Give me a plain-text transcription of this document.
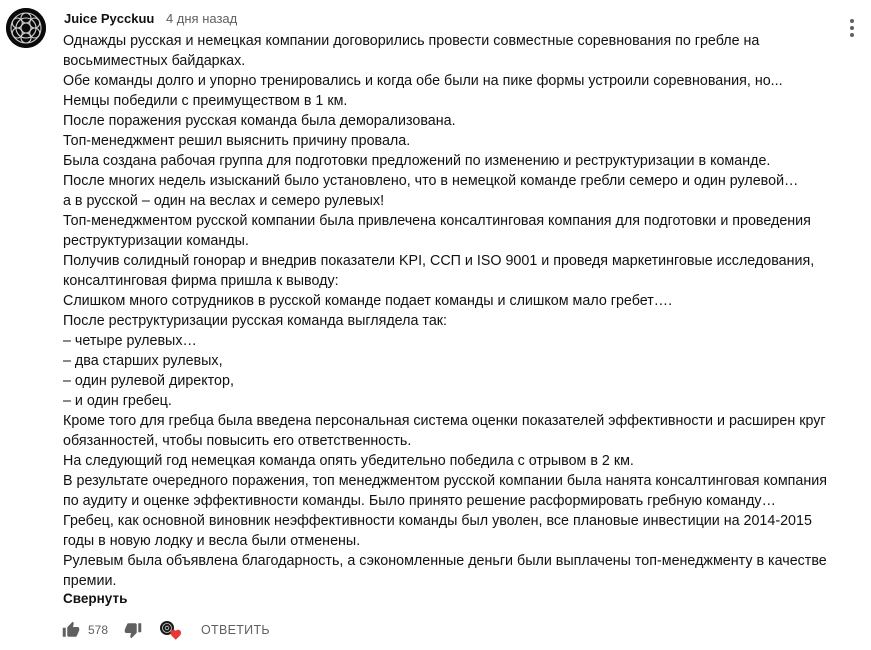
Juice Pycckuu 4 дня назад
Однажды русская и немецкая компании договорились провести совместные соревнования по гребле на
восьмиместных байдарках.
Обе команды долго и упорно тренировались и когда обе были на пике формы устроили соревнования, но...
Немцы победили с преимуществом в 1 км.
После поражения русская команда была деморализована.
Топ-менеджмент решил выяснить причину провала.
Была создана рабочая группа для подготовки предложений по изменению и реструктуризации в команде.
После многих недель изысканий было установлено, что в немецкой команде гребли семеро и один рулевой…
а в русской – один на веслах и семеро рулевых!
Топ-менеджментом русской компании была привлечена консалтинговая компания для подготовки и проведения
реструктуризации команды.
Получив солидный гонорар и внедрив показатели KPI, ССП и ISO 9001 и проведя маркетинговые исследования,
консалтинговая фирма пришла к выводу:
Слишком много сотрудников в русской команде подает команды и слишком мало гребет….
После реструктуризации русская команда выглядела так:
– четыре рулевых…
– два старших рулевых,
– один рулевой директор,
– и один гребец.
Кроме того для гребца была введена персональная система оценки показателей эффективности и расширен круг
обязанностей, чтобы повысить его ответственность.
На следующий год немецкая команда опять убедительно победила с отрывом в 2 км.
В результате очередного поражения, топ менеджментом русской компании была нанята консалтинговая компания
по аудиту и оценке эффективности команды. Было принято решение расформировать гребную команду…
Гребец, как основной виновник неэффективности команды был уволен, все плановые инвестиции на 2014-2015
годы в новую лодку и весла были отменены.
Рулевым была объявлена благодарность, а сэкономленные деньги были выплачены топ-менеджменту в качестве
премии.
Свернуть
578	ОТВЕТИТЬ
